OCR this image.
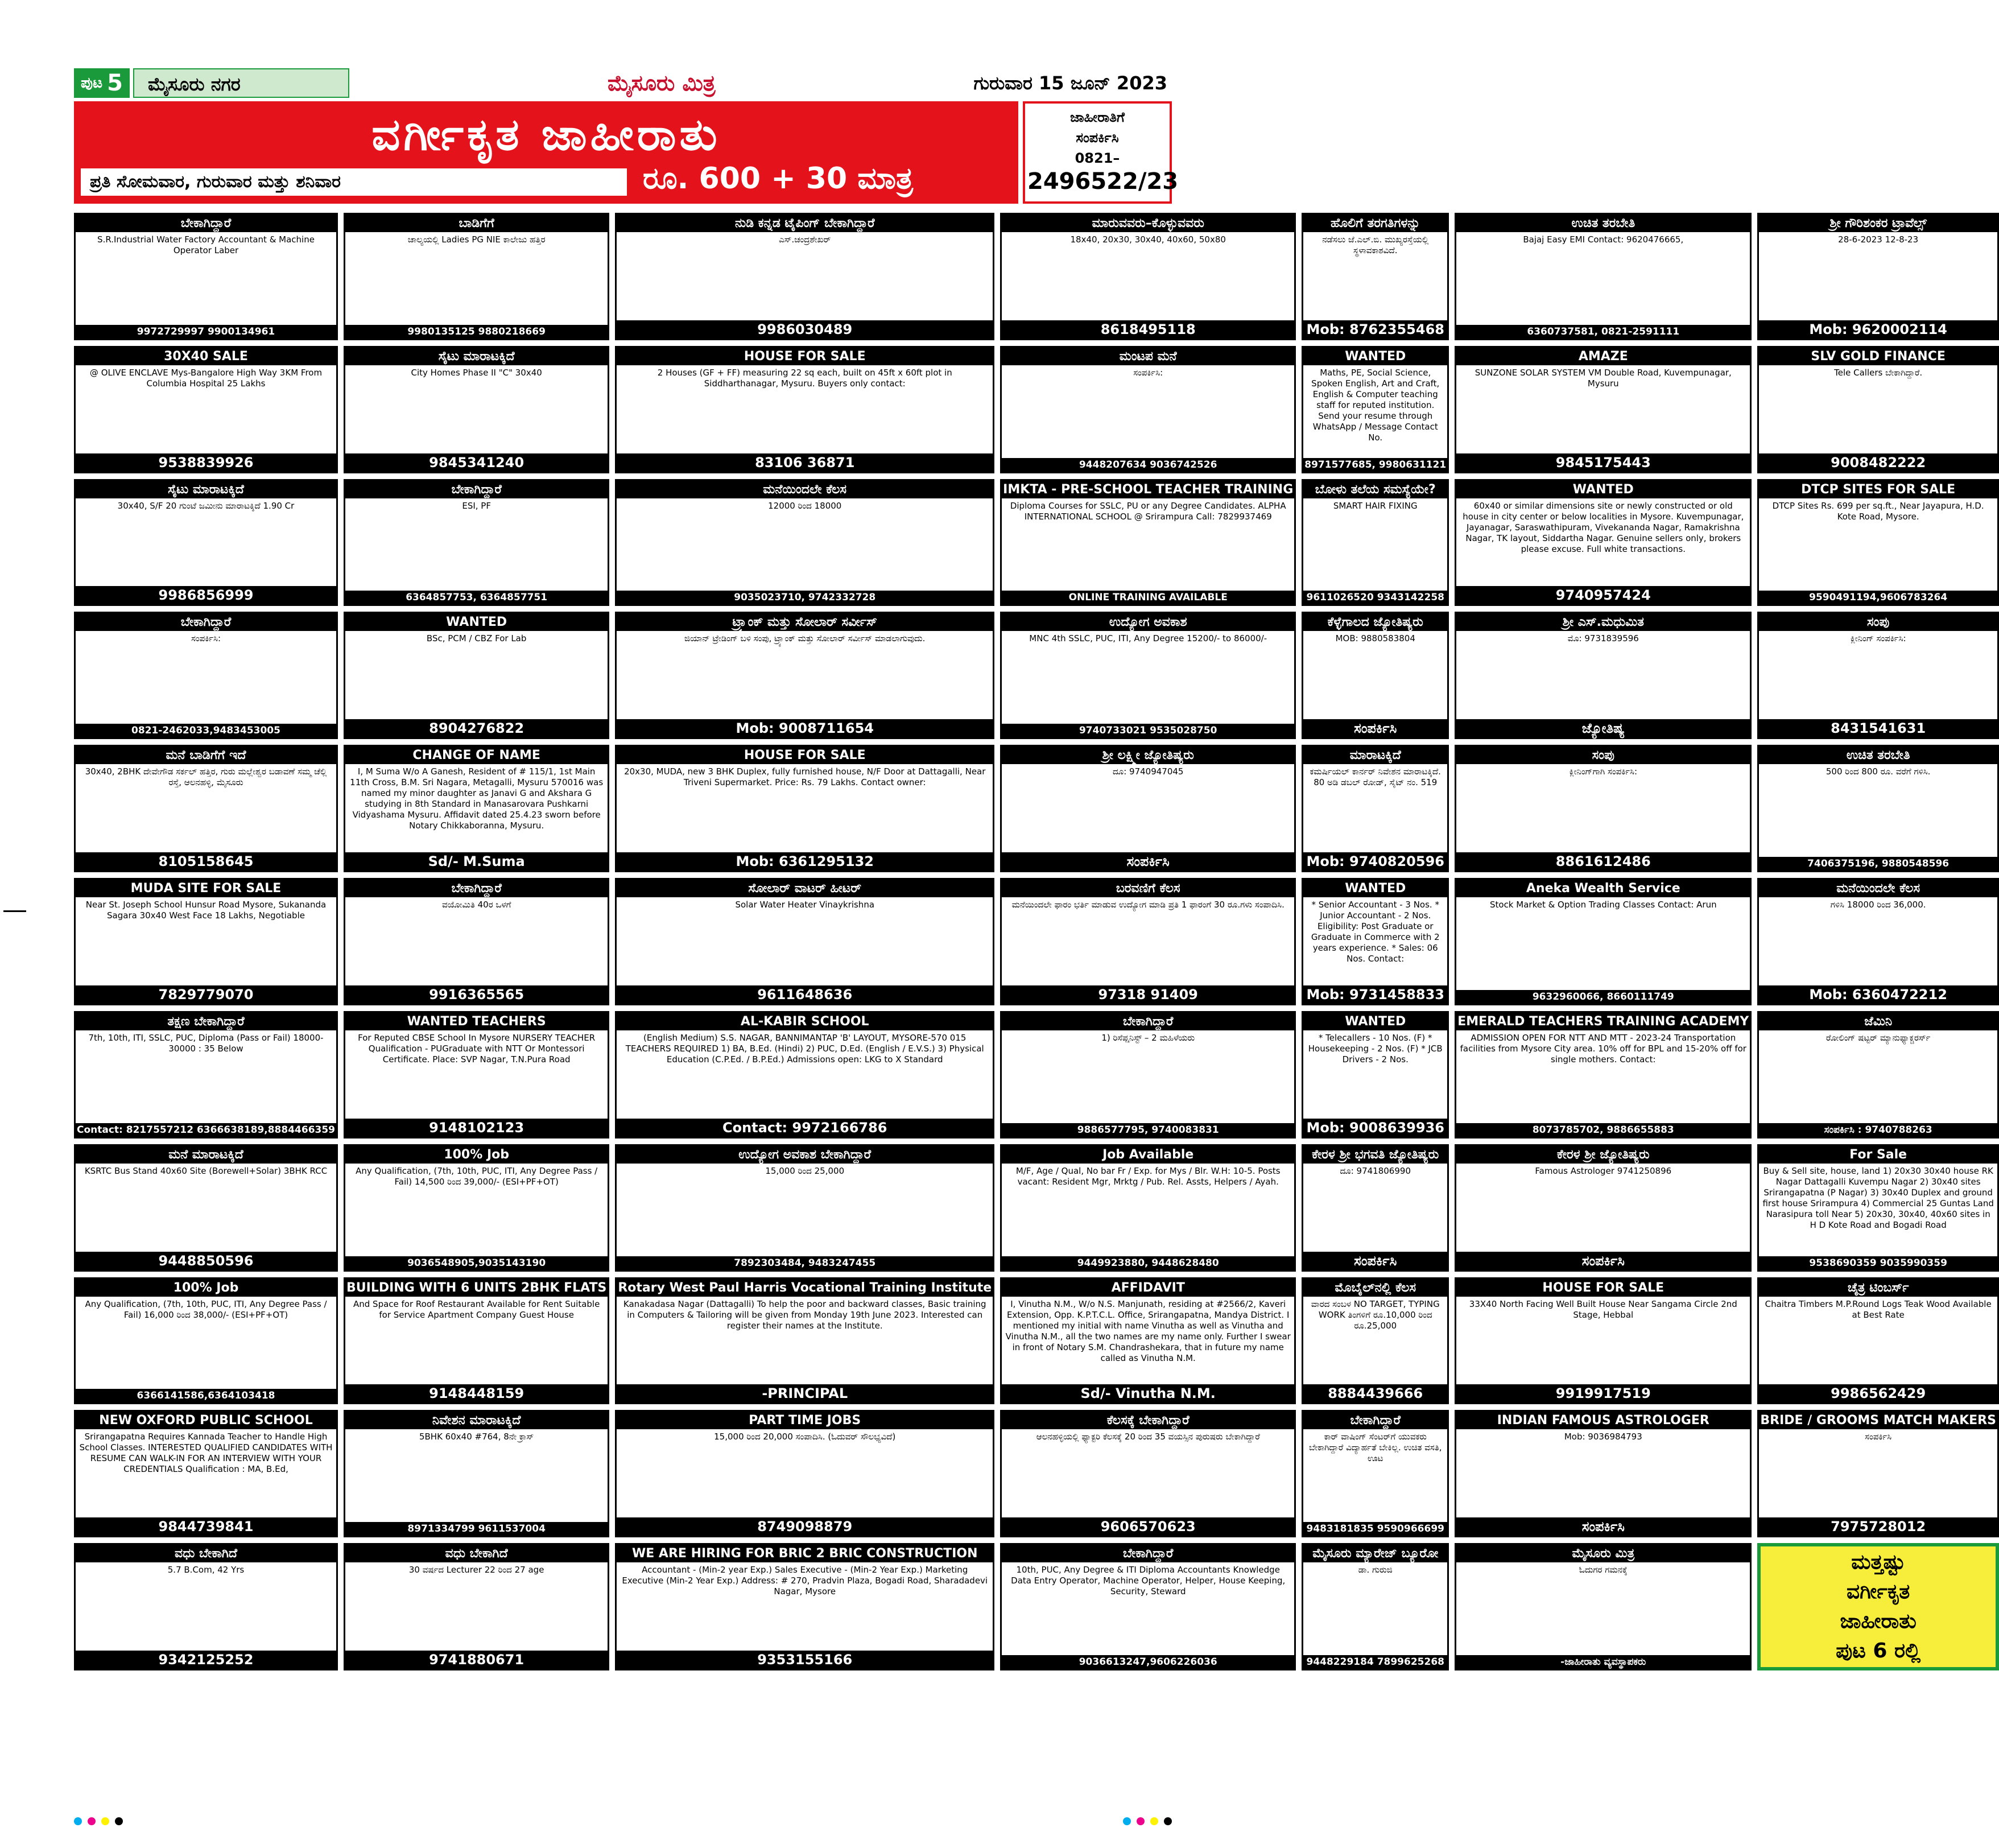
ಪುಟ 5	ಮೈಸೂರು ನಗರ	ಮೈಸೂರು ಮಿತ್ರ	ಗುರುವಾರ 15 ಜೂನ್ 2023
ವರ್ಗೀಕೃತ ಜಾಹೀರಾತು
ಪ್ರತಿ ಸೋಮವಾರ, ಗುರುವಾರ ಮತ್ತು ಶನಿವಾರ	ರೂ. 600 + 30 ಮಾತ್ರ
ಜಾಹೀರಾತಿಗೆ
ಸಂಪರ್ಕಿಸಿ
0821–
2496522/23
ಬೇಕಾಗಿದ್ದಾರೆ
S.R.Industrial Water Factory Accountant & Machine Operator Laber
9972729997 9900134961
ಬಾಡಿಗೆಗೆ
ಚಾಲ್ಯಯಲ್ಲಿ Ladies PG NIE ಕಾಲೇಜು ಹತ್ತಿರ
9980135125 9880218669
ನುಡಿ ಕನ್ನಡ ಟೈಪಿಂಗ್ ಬೇಕಾಗಿದ್ದಾರೆ
ಎಸ್.ಚಂದ್ರಶೇಖರ್
9986030489
ಮಾರುವವರು–ಕೊಳ್ಳುವವರು
18x40, 20x30, 30x40, 40x60, 50x80
8618495118
ಹೊಲಿಗೆ ತರಗತಿಗಳನ್ನು
ನಡೆಸಲು ಜೆ.ಎಲ್.ಬಿ. ಮುಖ್ಯರಸ್ತೆಯಲ್ಲಿ ಸ್ಥಳಾವಕಾಶವಿದೆ.
Mob: 8762355468
ಉಚಿತ ತರಬೇತಿ
Bajaj Easy EMI Contact: 9620476665,
6360737581, 0821-2591111
ಶ್ರೀ ಗೌರಿಶಂಕರ ಟ್ರಾವೆಲ್ಸ್
28-6-2023 12-8-23
Mob: 9620002114
30X40 SALE
@ OLIVE ENCLAVE Mys-Bangalore High Way 3KM From Columbia Hospital 25 Lakhs
9538839926
ಸೈಟು ಮಾರಾಟಕ್ಕಿದೆ
City Homes Phase II "C" 30x40
9845341240
HOUSE FOR SALE
2 Houses (GF + FF) measuring 22 sq each, built on 45ft x 60ft plot in Siddharthanagar, Mysuru. Buyers only contact:
83106 36871
ಮಂಟಪ ಮನೆ
ಸಂಪರ್ಕಿಸಿ:
9448207634 9036742526
WANTED
Maths, PE, Social Science, Spoken English, Art and Craft, English & Computer teaching staff for reputed institution. Send your resume through WhatsApp / Message Contact No.
8971577685, 9980631121
AMAZE
SUNZONE SOLAR SYSTEM VM Double Road, Kuvempunagar, Mysuru
9845175443
SLV GOLD FINANCE
Tele Callers ಬೇಕಾಗಿದ್ದಾರೆ.
9008482222
ಸೈಟು ಮಾರಾಟಕ್ಕಿದೆ
30x40, S/F 20 ಗುಂಟೆ ಜಮೀನು ಮಾರಾಟಕ್ಕಿದೆ 1.90 Cr
9986856999
ಬೇಕಾಗಿದ್ದಾರೆ
ESI, PF
6364857753, 6364857751
ಮನೆಯಿಂದಲೇ ಕೆಲಸ
12000 ರಿಂದ 18000
9035023710, 9742332728
IMKTA - PRE-SCHOOL TEACHER TRAINING
Diploma Courses for SSLC, PU or any Degree Candidates. ALPHA INTERNATIONAL SCHOOL @ Srirampura Call: 7829937469
ONLINE TRAINING AVAILABLE
ಬೋಳು ತಲೆಯ ಸಮಸ್ಯೆಯೇ?
SMART HAIR FIXING
9611026520 9343142258
WANTED
60x40 or similar dimensions site or newly constructed or old house in city center or below localities in Mysore. Kuvempunagar, Jayanagar, Saraswathipuram, Vivekananda Nagar, Ramakrishna Nagar, TK layout, Siddartha Nagar. Genuine sellers only, brokers please excuse. Full white transactions.
9740957424
DTCP SITES FOR SALE
DTCP Sites Rs. 699 per sq.ft., Near Jayapura, H.D. Kote Road, Mysore.
9590491194,9606783264
ಬೇಕಾಗಿದ್ದಾರೆ
ಸಂಪರ್ಕಿಸಿ:
0821-2462033,9483453005
WANTED
BSc, PCM / CBZ For Lab
8904276822
ಟ್ರ್ಯಾಂಕ್ ಮತ್ತು ಸೋಲಾರ್ ಸರ್ವೀಸ್
ಜಿಯಾನ್ ಟ್ರೇಡಿಂಗ್ ಬಳಿ ಸಂಪು, ಟ್ರ್ಯಾಂಕ್ ಮತ್ತು ಸೋಲಾರ್ ಸರ್ವೀಸ್ ಮಾಡಲಾಗುವುದು.
Mob: 9008711654
ಉದ್ಯೋಗ ಅವಕಾಶ
MNC 4th SSLC, PUC, ITI, Any Degree 15200/- to 86000/-
9740733021 9535028750
ಕೆಳ್ಳೆಗಾಲದ ಜ್ಯೋತಿಷ್ಯರು
MOB: 9880583804
ಸಂಪರ್ಕಿಸಿ
ಶ್ರೀ ಎಸ್.ಮಧುಮಿತ
ಮೊ: 9731839596
ಜ್ಯೋತಿಷ್ಯ
ಸಂಪು
ಕ್ಲೀನಿಂಗ್ ಸಂಪರ್ಕಿಸಿ:
8431541631
ಮನೆ ಬಾಡಿಗೆಗೆ ಇದೆ
30x40, 2BHK ದೇವೇಗೌಡ ಸರ್ಕಲ್ ಹತ್ತಿರ, ಗುರು ಮಲ್ಲೇಶ್ವರ ಬಡಾವಣೆ ಸಮ್ಮ ಚೆಲ್ಲಿ ರಸ್ತೆ, ಆಲನಹಳ್ಳಿ, ಮೈಸೂರು
8105158645
CHANGE OF NAME
I, M Suma W/o A Ganesh, Resident of # 115/1, 1st Main 11th Cross, B.M. Sri Nagara, Metagalli, Mysuru 570016 was named my minor daughter as Janavi G and Akshara G studying in 8th Standard in Manasarovara Pushkarni Vidyashama Mysuru. Affidavit dated 25.4.23 sworn before Notary Chikkaboranna, Mysuru.
Sd/- M.Suma
HOUSE FOR SALE
20x30, MUDA, new 3 BHK Duplex, fully furnished house, N/F Door at Dattagalli, Near Triveni Supermarket. Price: Rs. 79 Lakhs. Contact owner:
Mob: 6361295132
ಶ್ರೀ ಲಕ್ಷ್ಮೀ ಜ್ಯೋತಿಷ್ಯರು
ದೂ: 9740947045
ಸಂಪರ್ಕಿಸಿ
ಮಾರಾಟಕ್ಕಿದೆ
ಕಮರ್ಷಿಯಲ್ ಕಾರ್ನರ್ ನಿವೇಶನ ಮಾರಾಟಕ್ಕಿದೆ. 80 ಅಡಿ ಡಬಲ್ ರೋಡ್, ಸೈಟ್ ನಂ. 519
Mob: 9740820596
ಸಂಪು
ಕ್ಲೀನಿಂಗ್‌ಗಾಗಿ ಸಂಪರ್ಕಿಸಿ:
8861612486
ಉಚಿತ ತರಬೇತಿ
500 ರಿಂದ 800 ರೂ. ವರೆಗೆ ಗಳಿಸಿ.
7406375196, 9880548596
MUDA SITE FOR SALE
Near St. Joseph School Hunsur Road Mysore, Sukananda Sagara 30x40 West Face 18 Lakhs, Negotiable
7829779070
ಬೇಕಾಗಿದ್ದಾರೆ
ವಯೋಮಿತಿ 40ರ ಒಳಗೆ
9916365565
ಸೋಲಾರ್ ವಾಟರ್ ಹೀಟರ್
Solar Water Heater Vinaykrishna
9611648636
ಬರವಣಿಗೆ ಕೆಲಸ
ಮನೆಯಿಂದಲೇ ಫಾರಂ ಭರ್ತಿ ಮಾಡುವ ಉದ್ಯೋಗ ಮಾಡಿ ಪ್ರತಿ 1 ಫಾರಂಗೆ 30 ರೂ.ಗಳು ಸಂಪಾದಿಸಿ.
97318 91409
WANTED
* Senior Accountant - 3 Nos. * Junior Accountant - 2 Nos. Eligibility: Post Graduate or Graduate in Commerce with 2 years experience. * Sales: 06 Nos. Contact:
Mob: 9731458833
Aneka Wealth Service
Stock Market & Option Trading Classes Contact: Arun
9632960066, 8660111749
ಮನೆಯಿಂದಲೇ ಕೆಲಸ
ಗಳಿಸಿ 18000 ರಿಂದ 36,000.
Mob: 6360472212
ತಕ್ಷಣ ಬೇಕಾಗಿದ್ದಾರೆ
7th, 10th, ITI, SSLC, PUC, Diploma (Pass or Fail) 18000-30000 : 35 Below
Contact: 8217557212 6366638189,8884466359
WANTED TEACHERS
For Reputed CBSE School In Mysore NURSERY TEACHER Qualification - PUGraduate with NTT Or Montessori Certificate. Place: SVP Nagar, T.N.Pura Road
9148102123
AL-KABIR SCHOOL
(English Medium) S.S. NAGAR, BANNIMANTAP 'B' LAYOUT, MYSORE-570 015 TEACHERS REQUIRED 1) BA, B.Ed. (Hindi) 2) PUC, D.Ed. (English / E.V.S.) 3) Physical Education (C.P.Ed. / B.P.Ed.) Admissions open: LKG to X Standard
Contact: 9972166786
ಬೇಕಾಗಿದ್ದಾರೆ
1) ರಿಸೆಪ್ಷನಿಸ್ಟ್ – 2 ಮಹಿಳೆಯರು
9886577795, 9740083831
WANTED
* Telecallers - 10 Nos. (F) * Housekeeping - 2 Nos. (F) * JCB Drivers - 2 Nos.
Mob: 9008639936
EMERALD TEACHERS TRAINING ACADEMY
ADMISSION OPEN FOR NTT AND MTT - 2023-24 Transportation facilities from Mysore City area. 10% off for BPL and 15-20% off for single mothers. Contact:
8073785702, 9886655883
ಜೆಮಿನಿ
ರೋಲಿಂಗ್ ಷಟ್ಟರ್ ಮ್ಯಾನುಫ್ಯಾಕ್ಚರರ್ಸ್
ಸಂಪರ್ಕಿಸಿ : 9740788263
ಮನೆ ಮಾರಾಟಕ್ಕಿದೆ
KSRTC Bus Stand 40x60 Site (Borewell+Solar) 3BHK RCC
9448850596
100% Job
Any Qualification, (7th, 10th, PUC, ITI, Any Degree Pass / Fail) 14,500 ರಿಂದ 39,000/- (ESI+PF+OT)
9036548905,9035143190
ಉದ್ಯೋಗ ಅವಕಾಶ ಬೇಕಾಗಿದ್ದಾರೆ
15,000 ರಿಂದ 25,000
7892303484, 9483247455
Job Available
M/F, Age / Qual, No bar Fr / Exp. for Mys / Blr. W.H: 10-5. Posts vacant: Resident Mgr, Mrktg / Pub. Rel. Assts, Helpers / Ayah.
9449923880, 9448628480
ಕೇರಳ ಶ್ರೀ ಭಗವತಿ ಜ್ಯೋತಿಷ್ಯರು
ದೂ: 9741806990
ಸಂಪರ್ಕಿಸಿ
ಕೇರಳ ಶ್ರೀ ಜ್ಯೋತಿಷ್ಯರು
Famous Astrologer 9741250896
ಸಂಪರ್ಕಿಸಿ
For Sale
Buy & Sell site, house, land 1) 20x30 30x40 house RK Nagar Dattagalli Kuvempu Nagar 2) 30x40 sites Srirangapatna (P Nagar) 3) 30x40 Duplex and ground first house Srirampura 4) Commercial 25 Guntas Land Narasipura toll Near 5) 20x30, 30x40, 40x60 sites in H D Kote Road and Bogadi Road
9538690359 9035990359
100% Job
Any Qualification, (7th, 10th, PUC, ITI, Any Degree Pass / Fail) 16,000 ರಿಂದ 38,000/- (ESI+PF+OT)
6366141586,6364103418
BUILDING WITH 6 UNITS 2BHK FLATS
And Space for Roof Restaurant Available for Rent Suitable for Service Apartment Company Guest House
9148448159
Rotary West Paul Harris Vocational Training Institute
Kanakadasa Nagar (Dattagalli) To help the poor and backward classes, Basic training in Computers & Tailoring will be given from Monday 19th June 2023. Interested can register their names at the Institute.
-PRINCIPAL
AFFIDAVIT
I, Vinutha N.M., W/o N.S. Manjunath, residing at #2566/2, Kaveri Extension, Opp. K.P.T.C.L. Office, Srirangapatna, Mandya District. I mentioned my initial with name Vinutha as well as Vinutha and Vinutha N.M., all the two names are my name only. Further I swear in front of Notary S.M. Chandrashekara, that in future my name called as Vinutha N.M.
Sd/- Vinutha N.M.
ಮೊಬೈಲ್‌ನಲ್ಲಿ ಕೆಲಸ
ವಾರದ ಸಂಬಳ NO TARGET, TYPING WORK ತಿಂಗಳಿಗೆ ರೂ.10,000 ರಿಂದ ರೂ.25,000
8884439666
HOUSE FOR SALE
33X40 North Facing Well Built House Near Sangama Circle 2nd Stage, Hebbal
9919917519
ಚೈತ್ರ ಟಿಂಬರ್ಸ್
Chaitra Timbers M.P.Round Logs Teak Wood Available at Best Rate
9986562429
NEW OXFORD PUBLIC SCHOOL
Srirangapatna Requires Kannada Teacher to Handle High School Classes. INTERESTED QUALIFIED CANDIDATES WITH RESUME CAN WALK-IN FOR AN INTERVIEW WITH YOUR CREDENTIALS Qualification : MA, B.Ed,
9844739841
ನಿವೇಶನ ಮಾರಾಟಕ್ಕಿದೆ
5BHK 60x40 #764, 8ನೇ ಕ್ರಾಸ್
8971334799 9611537004
PART TIME JOBS
15,000 ರಿಂದ 20,000 ಸಂಪಾದಿಸಿ. (ಓದುವರ್ ಸೌಲಭ್ಯವಿದೆ)
8749098879
ಕೆಲಸಕ್ಕೆ ಬೇಕಾಗಿದ್ದಾರೆ
ಆಲನಹಳ್ಳಿಯಲ್ಲಿ ಫ್ಯಾಕ್ಟರಿ ಕೆಲಸಕ್ಕೆ 20 ರಿಂದ 35 ವಯಸ್ಸಿನ ಪುರುಷರು ಬೇಕಾಗಿದ್ದಾರೆ
9606570623
ಬೇಕಾಗಿದ್ದಾರೆ
ಕಾರ್ ವಾಷಿಂಗ್ ಸೆಂಟರ್‌ಗೆ ಯುವಕರು ಬೇಕಾಗಿದ್ದಾರೆ ವಿದ್ಯಾರ್ಹತೆ ಬೇಕಿಲ್ಲ. ಉಚಿತ ವಸತಿ, ಊಟ
9483181835 9590966699
INDIAN FAMOUS ASTROLOGER
Mob: 9036984793
ಸಂಪರ್ಕಿಸಿ
BRIDE / GROOMS MATCH MAKERS
ಸಂಪರ್ಕಿಸಿ
7975728012
ವಧು ಬೇಕಾಗಿದೆ
5.7 B.Com, 42 Yrs
9342125252
ವಧು ಬೇಕಾಗಿದೆ
30 ವರ್ಷದ Lecturer 22 ರಿಂದ 27 age
9741880671
WE ARE HIRING FOR BRIC 2 BRIC CONSTRUCTION
Accountant - (Min-2 year Exp.) Sales Executive - (Min-2 Year Exp.) Marketing Executive (Min-2 Year Exp.) Address: # 270, Pradvin Plaza, Bogadi Road, Sharadadevi Nagar, Mysore
9353155166
ಬೇಕಾಗಿದ್ದಾರೆ
10th, PUC, Any Degree & ITI Diploma Accountants Knowledge Data Entry Operator, Machine Operator, Helper, House Keeping, Security, Steward
9036613247,9606226036
ಮೈಸೂರು ಮ್ಯಾರೇಜ್ ಬ್ಯೂರೋ
ಡಾ. ಗುರುಜಿ
9448229184 7899625268
ಮೈಸೂರು ಮಿತ್ರ
ಓದುಗರ ಗಮನಕ್ಕೆ
-ಜಾಹೀರಾತು ವ್ಯವಸ್ಥಾಪಕರು
ಮತ್ತಷ್ಟು
ವರ್ಗೀಕೃತ
ಜಾಹೀರಾತು
ಪುಟ 6 ರಲ್ಲಿ
